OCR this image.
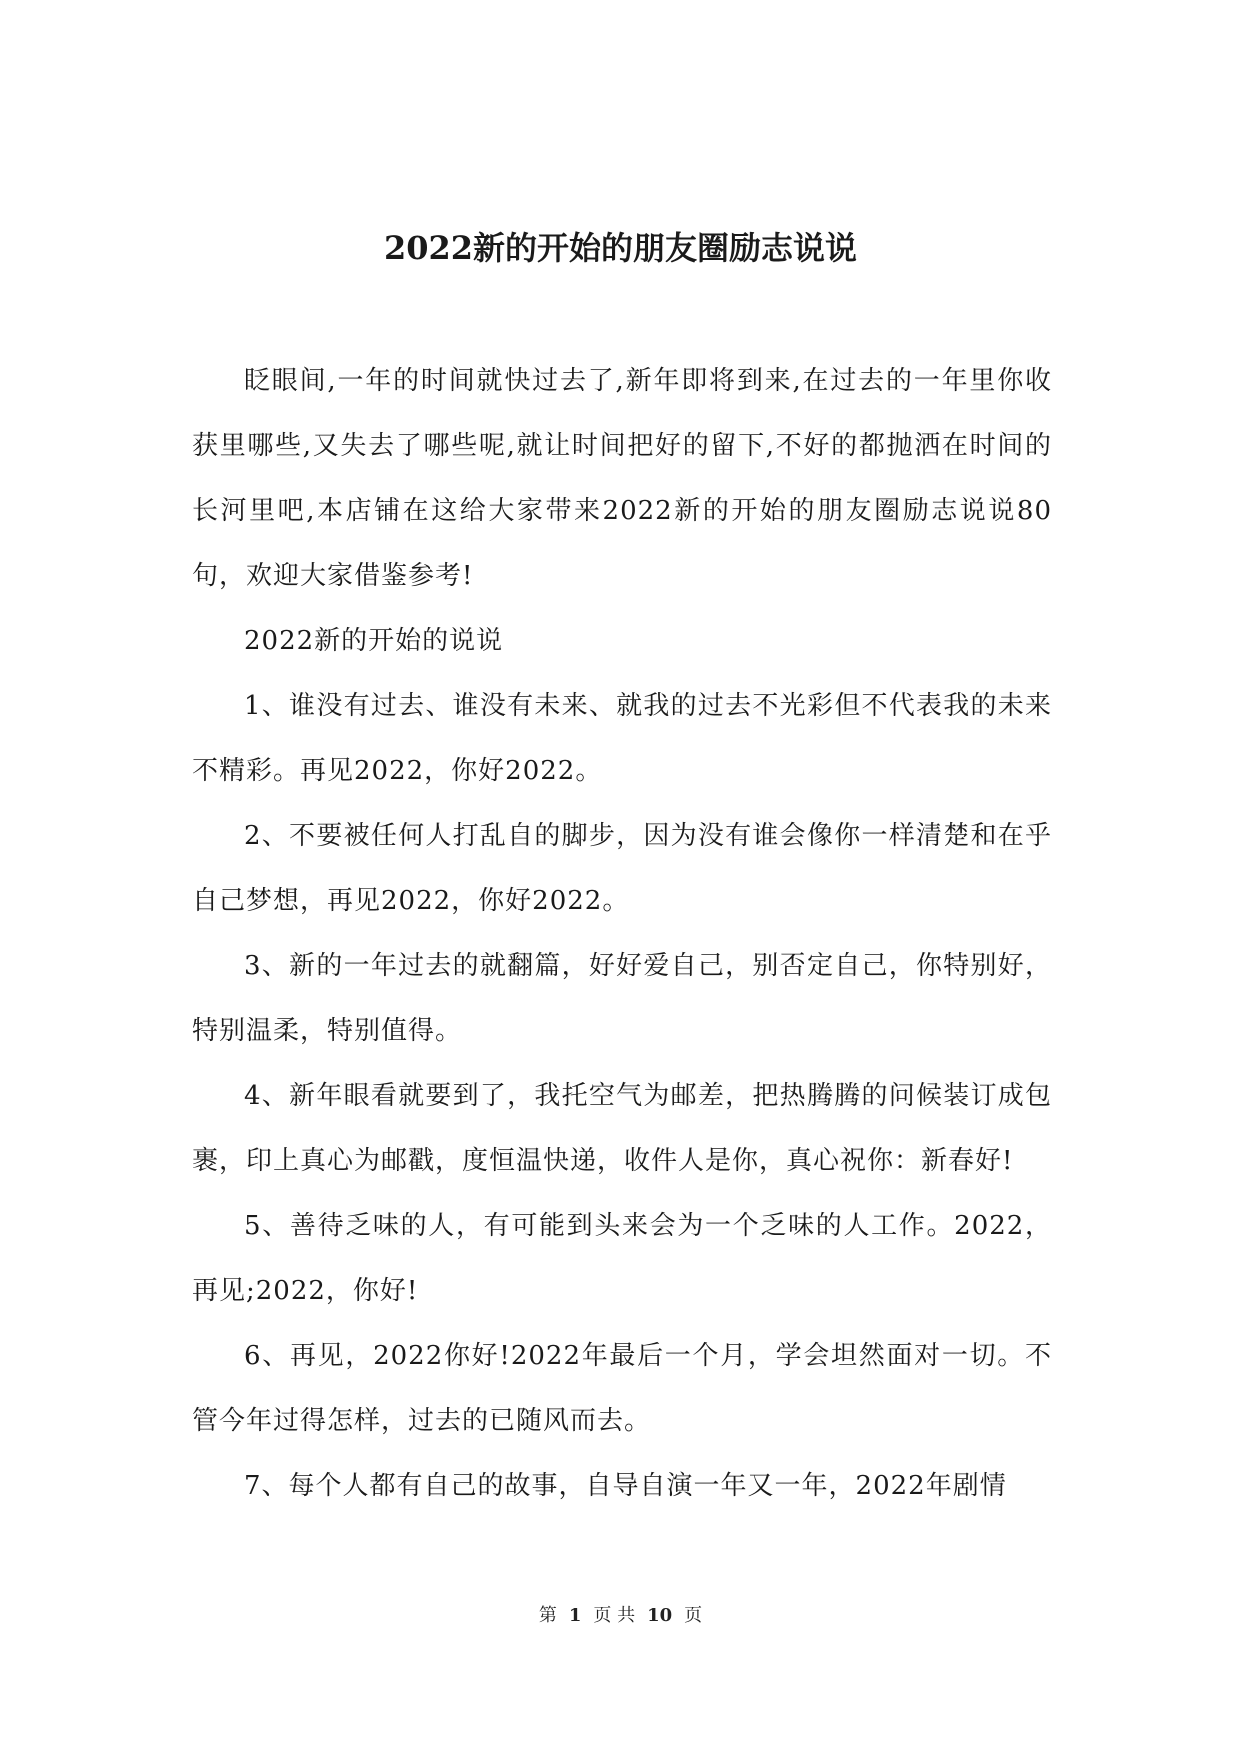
2022新的开始的朋友圈励志说说

眨眼间,一年的时间就快过去了,新年即将到来,在过去的一年里你收获里哪些,又失去了哪些呢,就让时间把好的留下,不好的都抛洒在时间的长河里吧,本店铺在这给大家带来2022新的开始的朋友圈励志说说80句，欢迎大家借鉴参考!

2022新的开始的说说

1、谁没有过去、谁没有未来、就我的过去不光彩但不代表我的未来不精彩。再见2022，你好2022。

2、不要被任何人打乱自的脚步，因为没有谁会像你一样清楚和在乎自己梦想，再见2022，你好2022。

3、新的一年过去的就翻篇，好好爱自己，别否定自己，你特别好，特别温柔，特别值得。

4、新年眼看就要到了，我托空气为邮差，把热腾腾的问候装订成包裹，印上真心为邮戳，度恒温快递，收件人是你，真心祝你：新春好!

5、善待乏味的人，有可能到头来会为一个乏味的人工作。2022，再见;2022，你好!

6、再见，2022你好!2022年最后一个月，学会坦然面对一切。不管今年过得怎样，过去的已随风而去。

7、每个人都有自己的故事，自导自演一年又一年，2022年剧情

第 1 页 共 10 页
